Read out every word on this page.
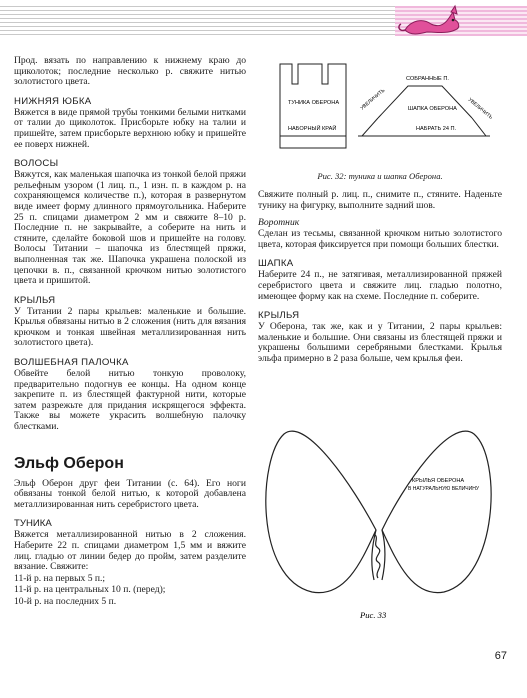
Прод. вязать по направлению к нижнему краю до щиколоток; последние несколько р. свяжите нитью золотистого цвета.

НИЖНЯЯ ЮБКА

Вяжется в виде прямой трубы тонкими белыми нитками от талии до щиколоток. Присборьте юбку на талии и пришейте, затем присборьте верхнюю юбку и пришейте ее поверх нижней.

ВОЛОСЫ

Вяжутся, как маленькая шапочка из тонкой белой пряжи рельефным узором (1 лиц. п., 1 изн. п. в каждом р. на сохраняющемся количестве п.), которая в развернутом виде имеет форму длинного прямоугольника. Наберите 25 п. спицами диаметром 2 мм и свяжите 8–10 р. Последние п. не закрывайте, а соберите на нить и стяните, сделайте боковой шов и пришейте на голову. Волосы Титании – шапочка из блестящей пряжи, выполненная так же. Шапочка украшена полоской из цепочки в. п., связанной крючком нитью золотистого цвета и пришитой.

КРЫЛЬЯ

У Титании 2 пары крыльев: маленькие и большие. Крылья обвязаны нитью в 2 сложения (нить для вязания крючком и тонкая швейная металлизированная нить золотистого цвета).

ВОЛШЕБНАЯ ПАЛОЧКА

Обвейте белой нитью тонкую проволоку, предварительно подогнув ее концы. На одном конце закрепите п. из блестящей фактурной нити, которые затем разрежьте для придания искрящегося эффекта. Также вы можете украсить волшебную палочку блестками.

Эльф Оберон

Эльф Оберон друг феи Титании (с. 64). Его ноги обвязаны тонкой белой нитью, к которой добавлена металлизированная нить серебристого цвета.

ТУНИКА

Вяжется металлизированной нитью в 2 сложения. Наберите 22 п. спицами диаметром 1,5 мм и вяжите лиц. гладью от линии бедер до пройм, затем разделите вязание. Свяжите:

11-й р. на первых 5 п.;

11-й р. на центральных 10 п. (перед);

10-й р. на последних 5 п.

ТУНИКА ОБЕРОНА
НАБОРНЫЙ КРАЙ
СОБРАННЫЕ П.
ШАПКА ОБЕРОНА
НАБРАТЬ 24 П.
УВЕЛИЧИТЬ	УВЕЛИЧИТЬ
Рис. 32: туника и шапка Оберона.

Свяжите полный р. лиц. п., снимите п., стяните. Наденьте тунику на фигурку, выполните задний шов.

Воротник

Сделан из тесьмы, связанной крючком нитью золотистого цвета, которая фиксируется при помощи больших блестки.

ШАПКА

Наберите 24 п., не затягивая, металлизированной пряжей серебристого цвета и свяжите лиц. гладью полотно, имеющее форму как на схеме. Последние п. соберите.

КРЫЛЬЯ

У Оберона, так же, как и у Титании, 2 пары крыльев: маленькие и большие. Они связаны из блестящей пряжи и украшены большими серебряными блестками. Крылья эльфа примерно в 2 раза больше, чем крылья феи.

КРЫЛЬЯ ОБЕРОНА
В НАТУРАЛЬНУЮ ВЕЛИЧИНУ
Рис. 33
67
